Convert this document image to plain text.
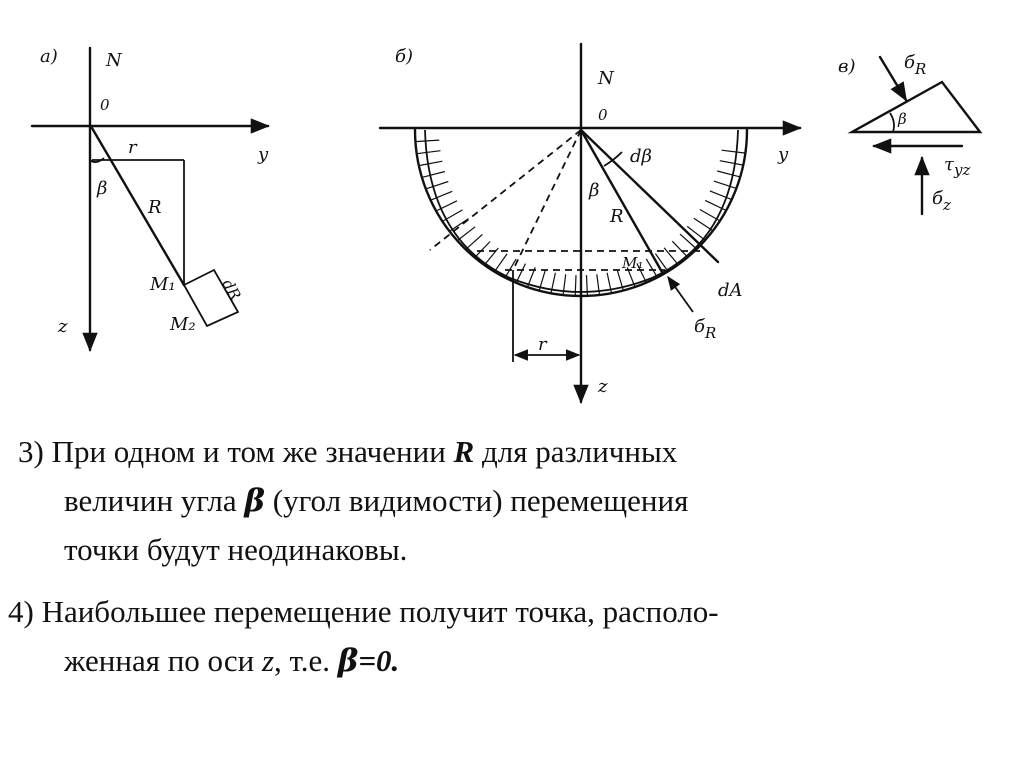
а)	N
0
y
z
r
β
R
M₁
M₂
dR
б)
N
0
y
z
dβ
β
R
M₁
dA
$б_R$
r
в)	$б_R$
β
$\tau_{yz}$
$б_z$
3) При одном и том же значении R для различных
величин угла β (угол видимости) перемещения
точки будут неодинаковы.
4) Наибольшее перемещение получит точка, располо-
женная по оси z, т.е. β=0.
